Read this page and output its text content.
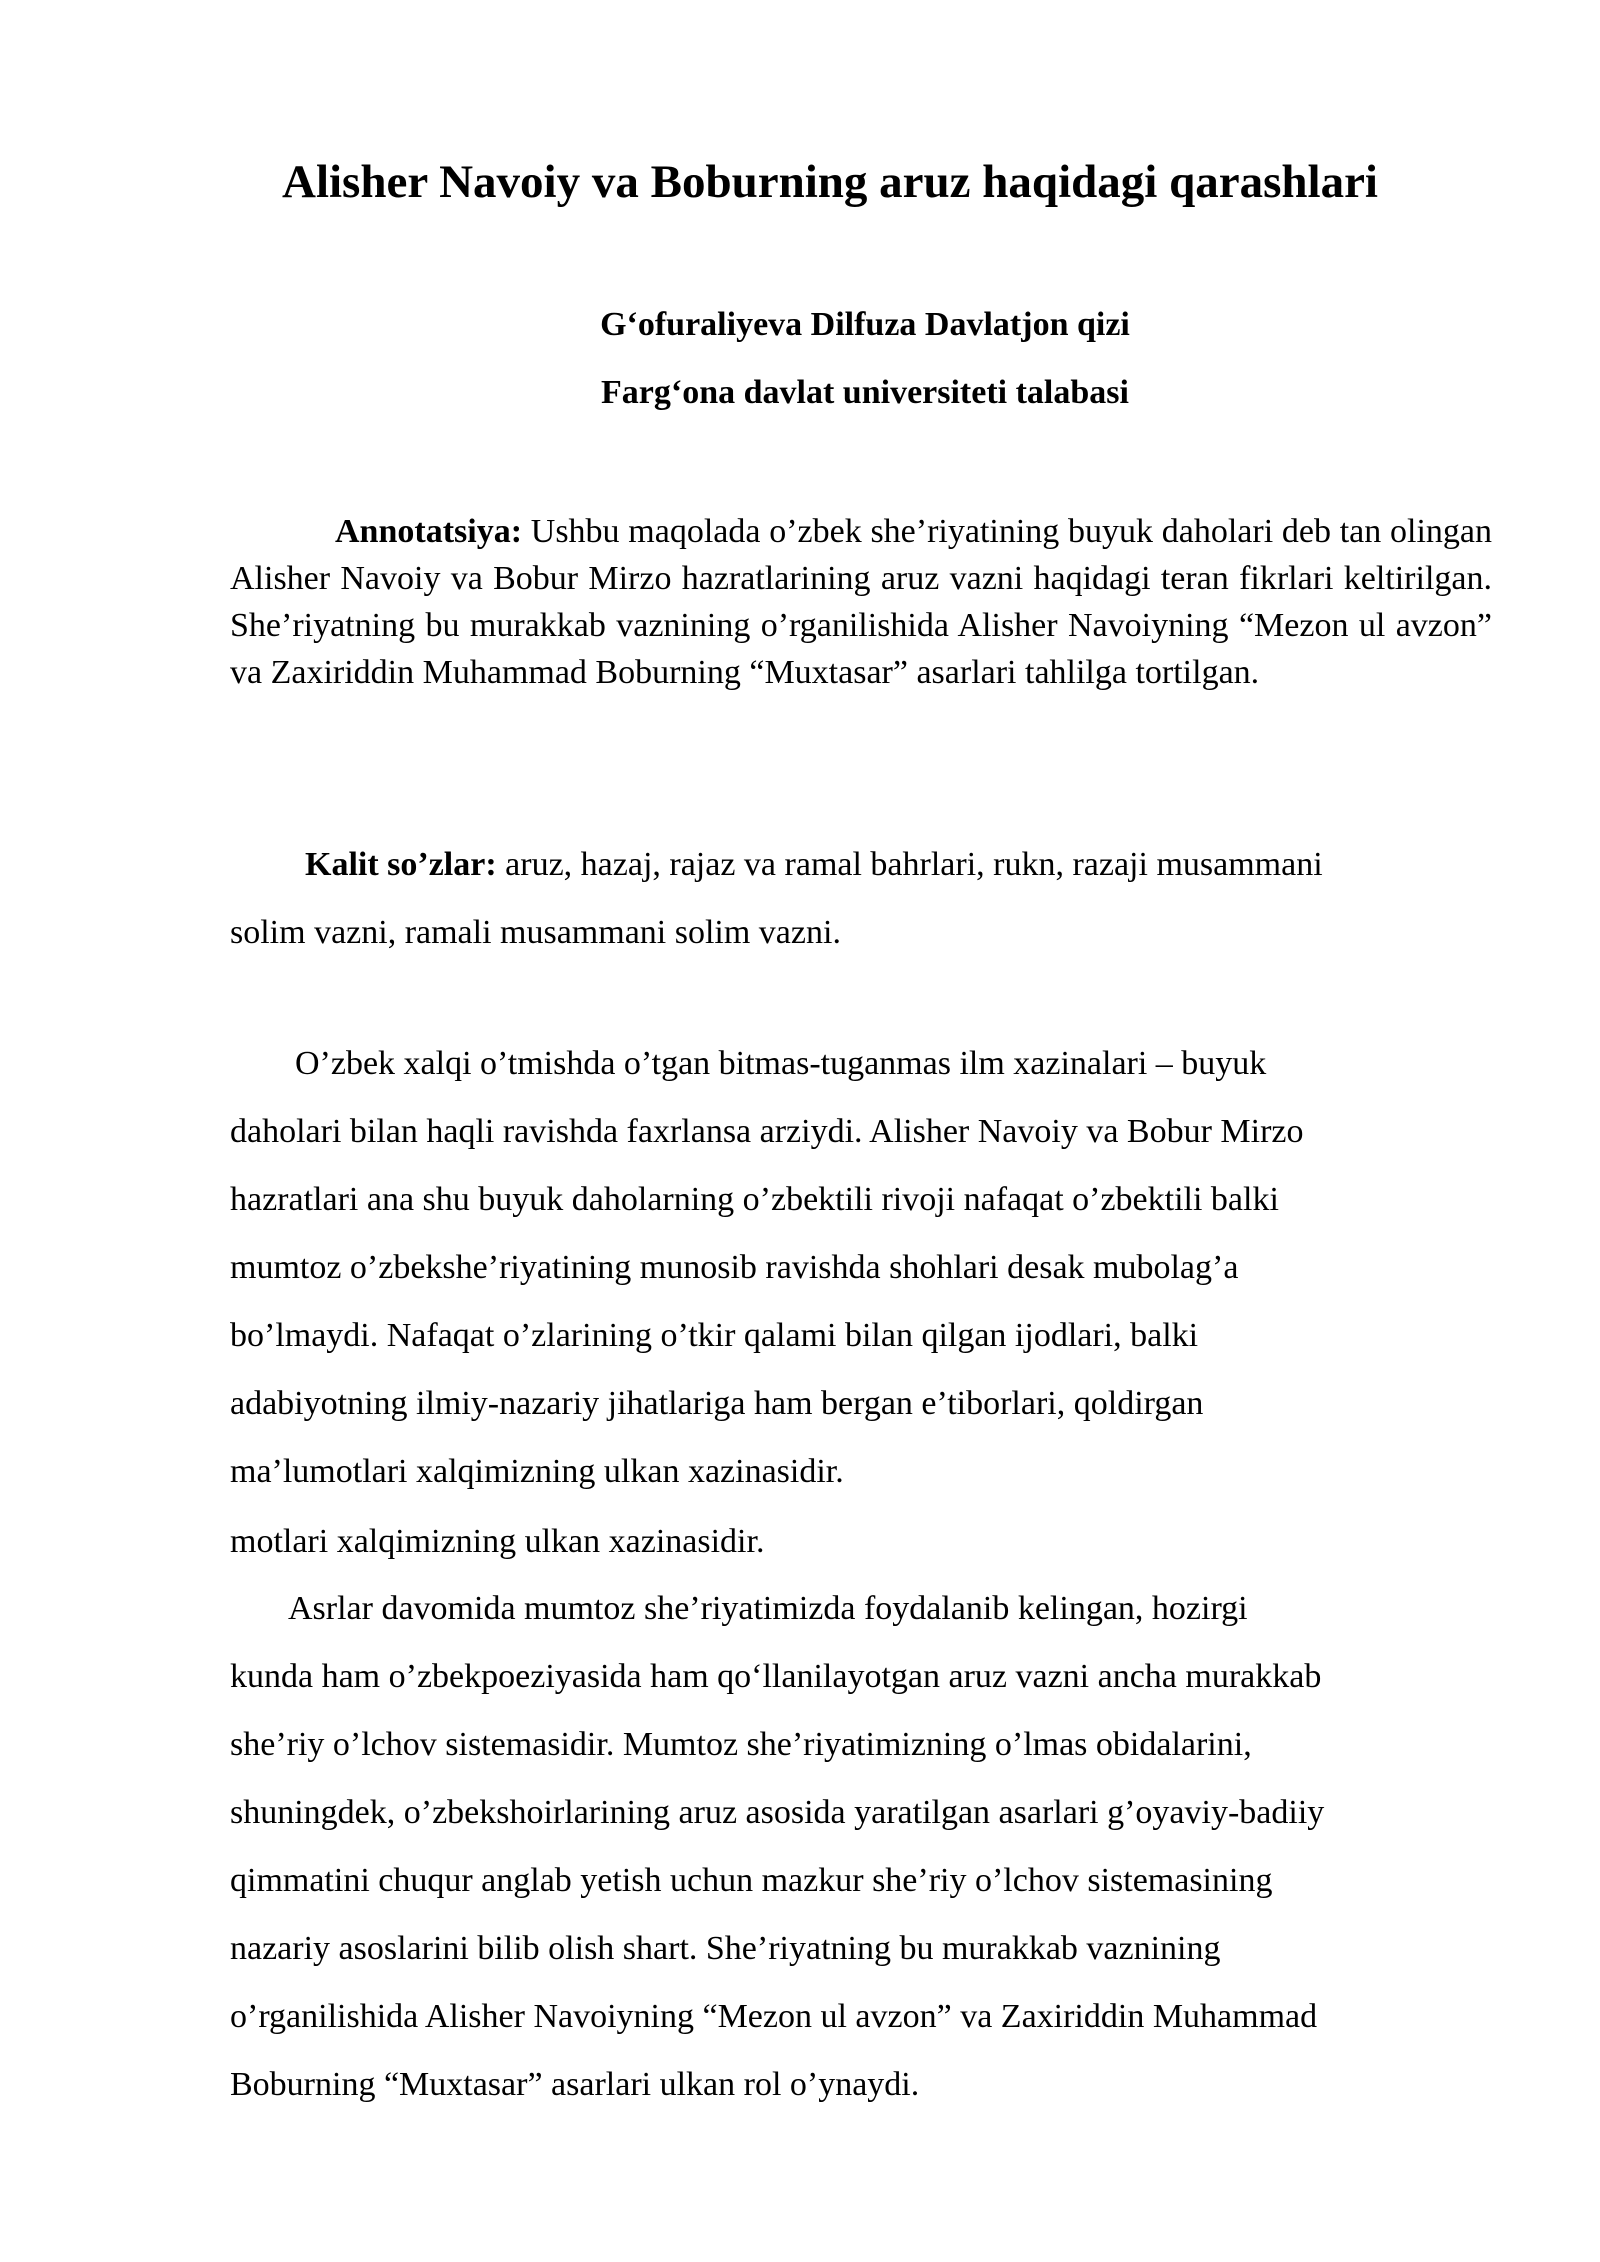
Alisher Navoiy va Boburning aruz haqidagi qarashlari
G‘ofuraliyeva Dilfuza Davlatjon qizi
Farg‘ona davlat universiteti talabasi

Annotatsiya: Ushbu maqolada o’zbek she’riyatining buyuk daholari deb tan olingan Alisher Navoiy va Bobur Mirzo hazratlarining aruz vazni haqidagi teran fikrlari keltirilgan. She’riyatning bu murakkab vaznining o’rganilishida Alisher Navoiyning “Mezon ul avzon” va Zaxiriddin Muhammad Boburning “Muxtasar” asarlari tahlilga tortilgan.

Kalit so’zlar: aruz, hazaj, rajaz va ramal bahrlari, rukn, razaji musammani
solim vazni, ramali musammani solim vazni.

O’zbek xalqi o’tmishda o’tgan bitmas-tuganmas ilm xazinalari – buyuk
daholari bilan haqli ravishda faxrlansa arziydi. Alisher Navoiy va Bobur Mirzo
hazratlari ana shu buyuk daholarning o’zbektili rivoji nafaqat o’zbektili balki
mumtoz o’zbekshe’riyatining munosib ravishda shohlari desak mubolag’a
bo’lmaydi. Nafaqat o’zlarining o’tkir qalami bilan qilgan ijodlari, balki
adabiyotning ilmiy-nazariy jihatlariga ham bergan e’tiborlari, qoldirgan
ma’lumotlari xalqimizning ulkan xazinasidir.

motlari xalqimizning ulkan xazinasidir.

Asrlar davomida mumtoz she’riyatimizda foydalanib kelingan, hozirgi
kunda ham o’zbekpoeziyasida ham qo‘llanilayotgan aruz vazni ancha murakkab
she’riy o’lchov sistemasidir. Mumtoz she’riyatimizning o’lmas obidalarini,
shuningdek, o’zbekshoirlarining aruz asosida yaratilgan asarlari g’oyaviy-badiiy
qimmatini chuqur anglab yetish uchun mazkur she’riy o’lchov sistemasining
nazariy asoslarini bilib olish shart. She’riyatning bu murakkab vaznining
o’rganilishida Alisher Navoiyning “Mezon ul avzon” va Zaxiriddin Muhammad
Boburning “Muxtasar” asarlari ulkan rol o’ynaydi.
